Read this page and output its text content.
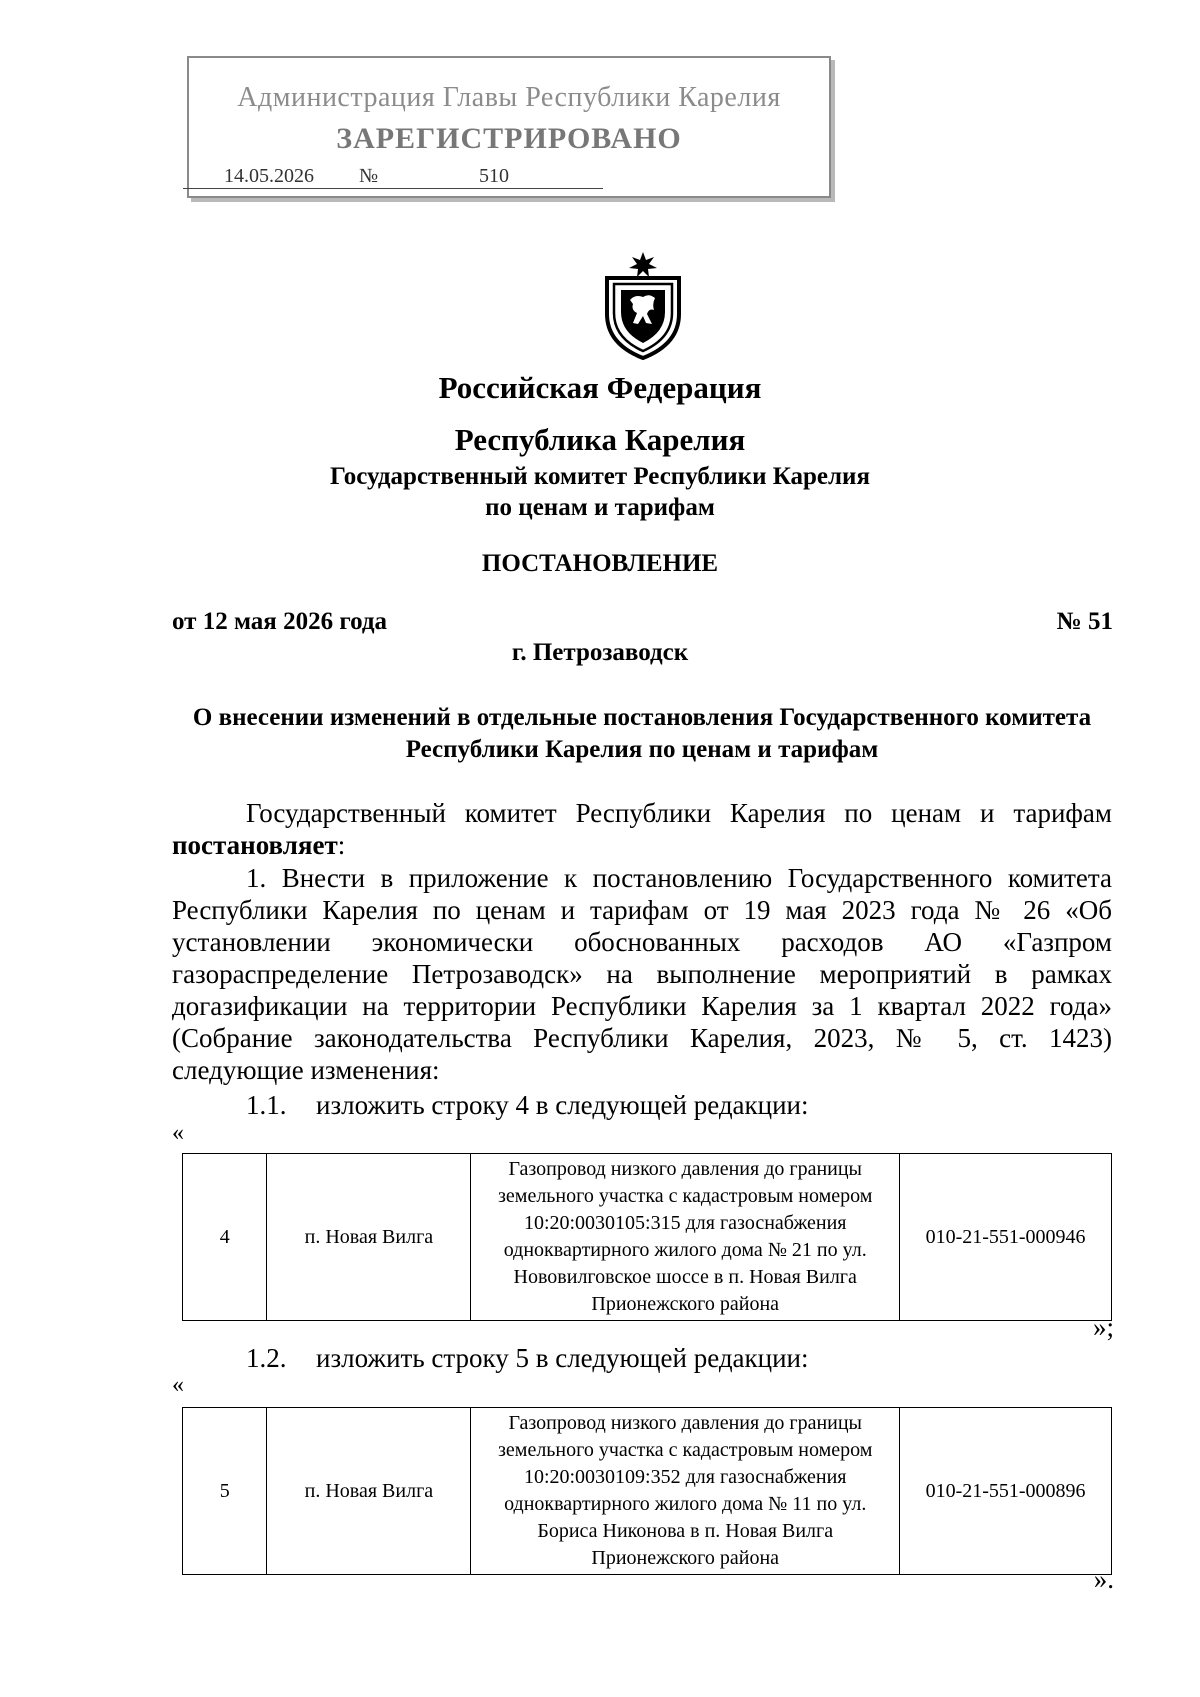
Администрация Главы Республики Карелия
ЗАРЕГИСТРИРОВАНО
14.05.2026 №	510
Российская Федерация
Республика Карелия
Государственный комитет Республики Карелия
по ценам и тарифам
ПОСТАНОВЛЕНИЕ
от 12 мая 2026 года	№ 51
г. Петрозаводск
О внесении изменений в отдельные постановления Государственного комитета Республики Карелия по ценам и тарифам
Государственный комитет Республики Карелия по ценам и тарифам постановляет:
1. Внести в приложение к постановлению Государственного комитета Республики Карелия по ценам и тарифам от 19 мая 2023 года № 26 «Об установлении экономически обоснованных расходов АО «Газпром газораспределение Петрозаводск» на выполнение мероприятий в рамках догазификации на территории Республики Карелия за 1 квартал 2022 года» (Собрание законодательства Республики Карелия, 2023, № 5, ст. 1423) следующие изменения:
1.1. изложить строку 4 в следующей редакции:
«
4	п. Новая Вилга	Газопровод низкого давления до границы земельного участка с кадастровым номером 10:20:0030105:315 для газоснабжения одноквартирного жилого дома № 21 по ул. Нововилговское шоссе в п. Новая Вилга Прионежского района	010-21-551-000946
»;
1.2. изложить строку 5 в следующей редакции:
«
5	п. Новая Вилга	Газопровод низкого давления до границы земельного участка с кадастровым номером 10:20:0030109:352 для газоснабжения одноквартирного жилого дома № 11 по ул. Бориса Никонова в п. Новая Вилга Прионежского района	010-21-551-000896
».
